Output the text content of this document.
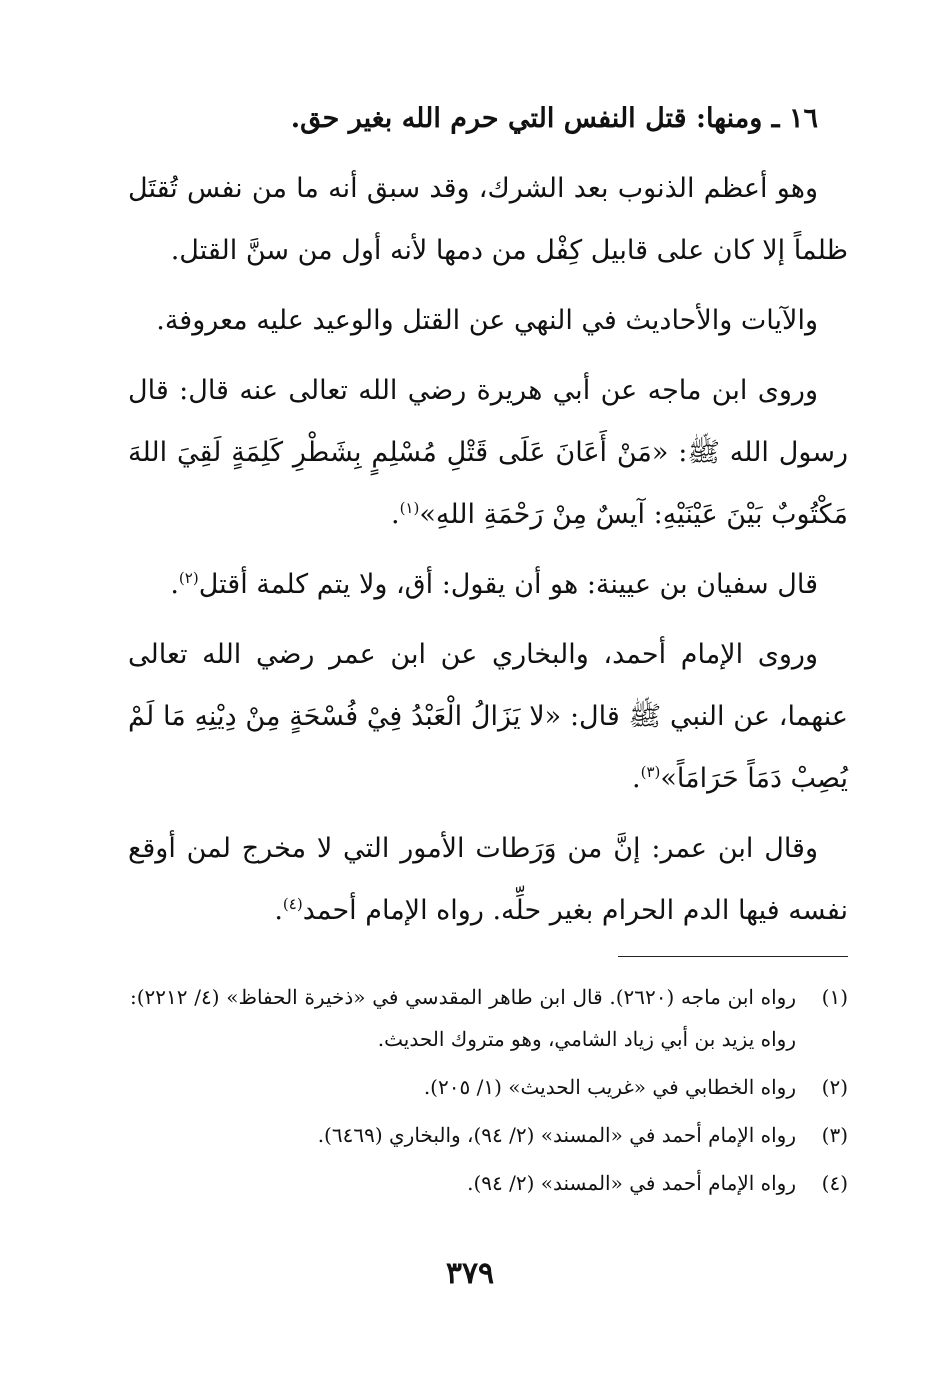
١٦ ـ ومنها: قتل النفس التي حرم الله بغير حق.

وهو أعظم الذنوب بعد الشرك، وقد سبق أنه ما من نفس تُقتَل ظلماً إلا كان على قابيل كِفْل من دمها لأنه أول من سنَّ القتل.

والآيات والأحاديث في النهي عن القتل والوعيد عليه معروفة.

وروى ابن ماجه عن أبي هريرة رضي الله تعالى عنه قال: قال رسول الله ﷺ: «مَنْ أَعَانَ عَلَى قَتْلِ مُسْلِمٍ بِشَطْرِ كَلِمَةٍ لَقِيَ اللهَ مَكْتُوبٌ بَيْنَ عَيْنَيْهِ: آيسٌ مِنْ رَحْمَةِ اللهِ»$^{(١)}$.

قال سفيان بن عيينة: هو أن يقول: أق، ولا يتم كلمة أقتل$^{(٢)}$.

وروى الإمام أحمد، والبخاري عن ابن عمر رضي الله تعالى عنهما، عن النبي ﷺ قال: «لا يَزَالُ الْعَبْدُ فِيْ فُسْحَةٍ مِنْ دِيْنِهِ مَا لَمْ يُصِبْ دَمَاً حَرَامَاً»$^{(٣)}$.

وقال ابن عمر: إنَّ من وَرَطات الأمور التي لا مخرج لمن أوقع نفسه فيها الدم الحرام بغير حلِّه. رواه الإمام أحمد$^{(٤)}$.

(١)رواه ابن ماجه (٢٦٢٠). قال ابن طاهر المقدسي في «ذخيرة الحفاظ» (٤/ ٢٢١٢): رواه يزيد بن أبي زياد الشامي، وهو متروك الحديث.

(٢)رواه الخطابي في «غريب الحديث» (١/ ٢٠٥).

(٣)رواه الإمام أحمد في «المسند» (٢/ ٩٤)، والبخاري (٦٤٦٩).

(٤)رواه الإمام أحمد في «المسند» (٢/ ٩٤).

٣٧٩
